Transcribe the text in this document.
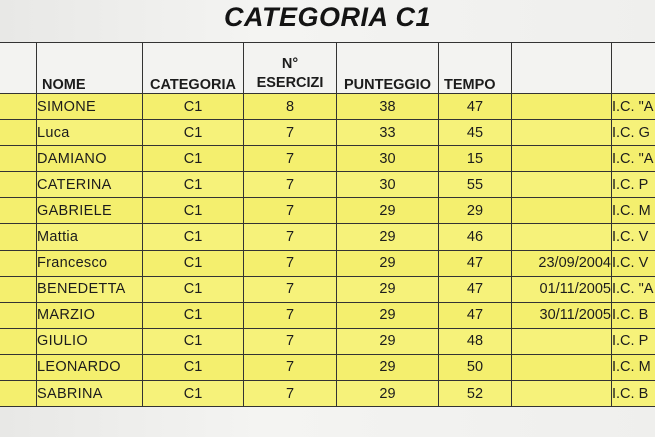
CATEGORIA C1
	NOME	CATEGORIA	N°
ESERCIZI	PUNTEGGIO	TEMPO		
	SIMONE	C1	8	38	47		I.C. "A
	Luca	C1	7	33	45		I.C. G
	DAMIANO	C1	7	30	15		I.C. "A
	CATERINA	C1	7	30	55		I.C. P
	GABRIELE	C1	7	29	29		I.C. M
	Mattia	C1	7	29	46		I.C. V
	Francesco	C1	7	29	47	23/09/2004	I.C. V
	BENEDETTA	C1	7	29	47	01/11/2005	I.C. "A
	MARZIO	C1	7	29	47	30/11/2005	I.C. B
	GIULIO	C1	7	29	48		I.C. P
	LEONARDO	C1	7	29	50		I.C. M
	SABRINA	C1	7	29	52		I.C. B
